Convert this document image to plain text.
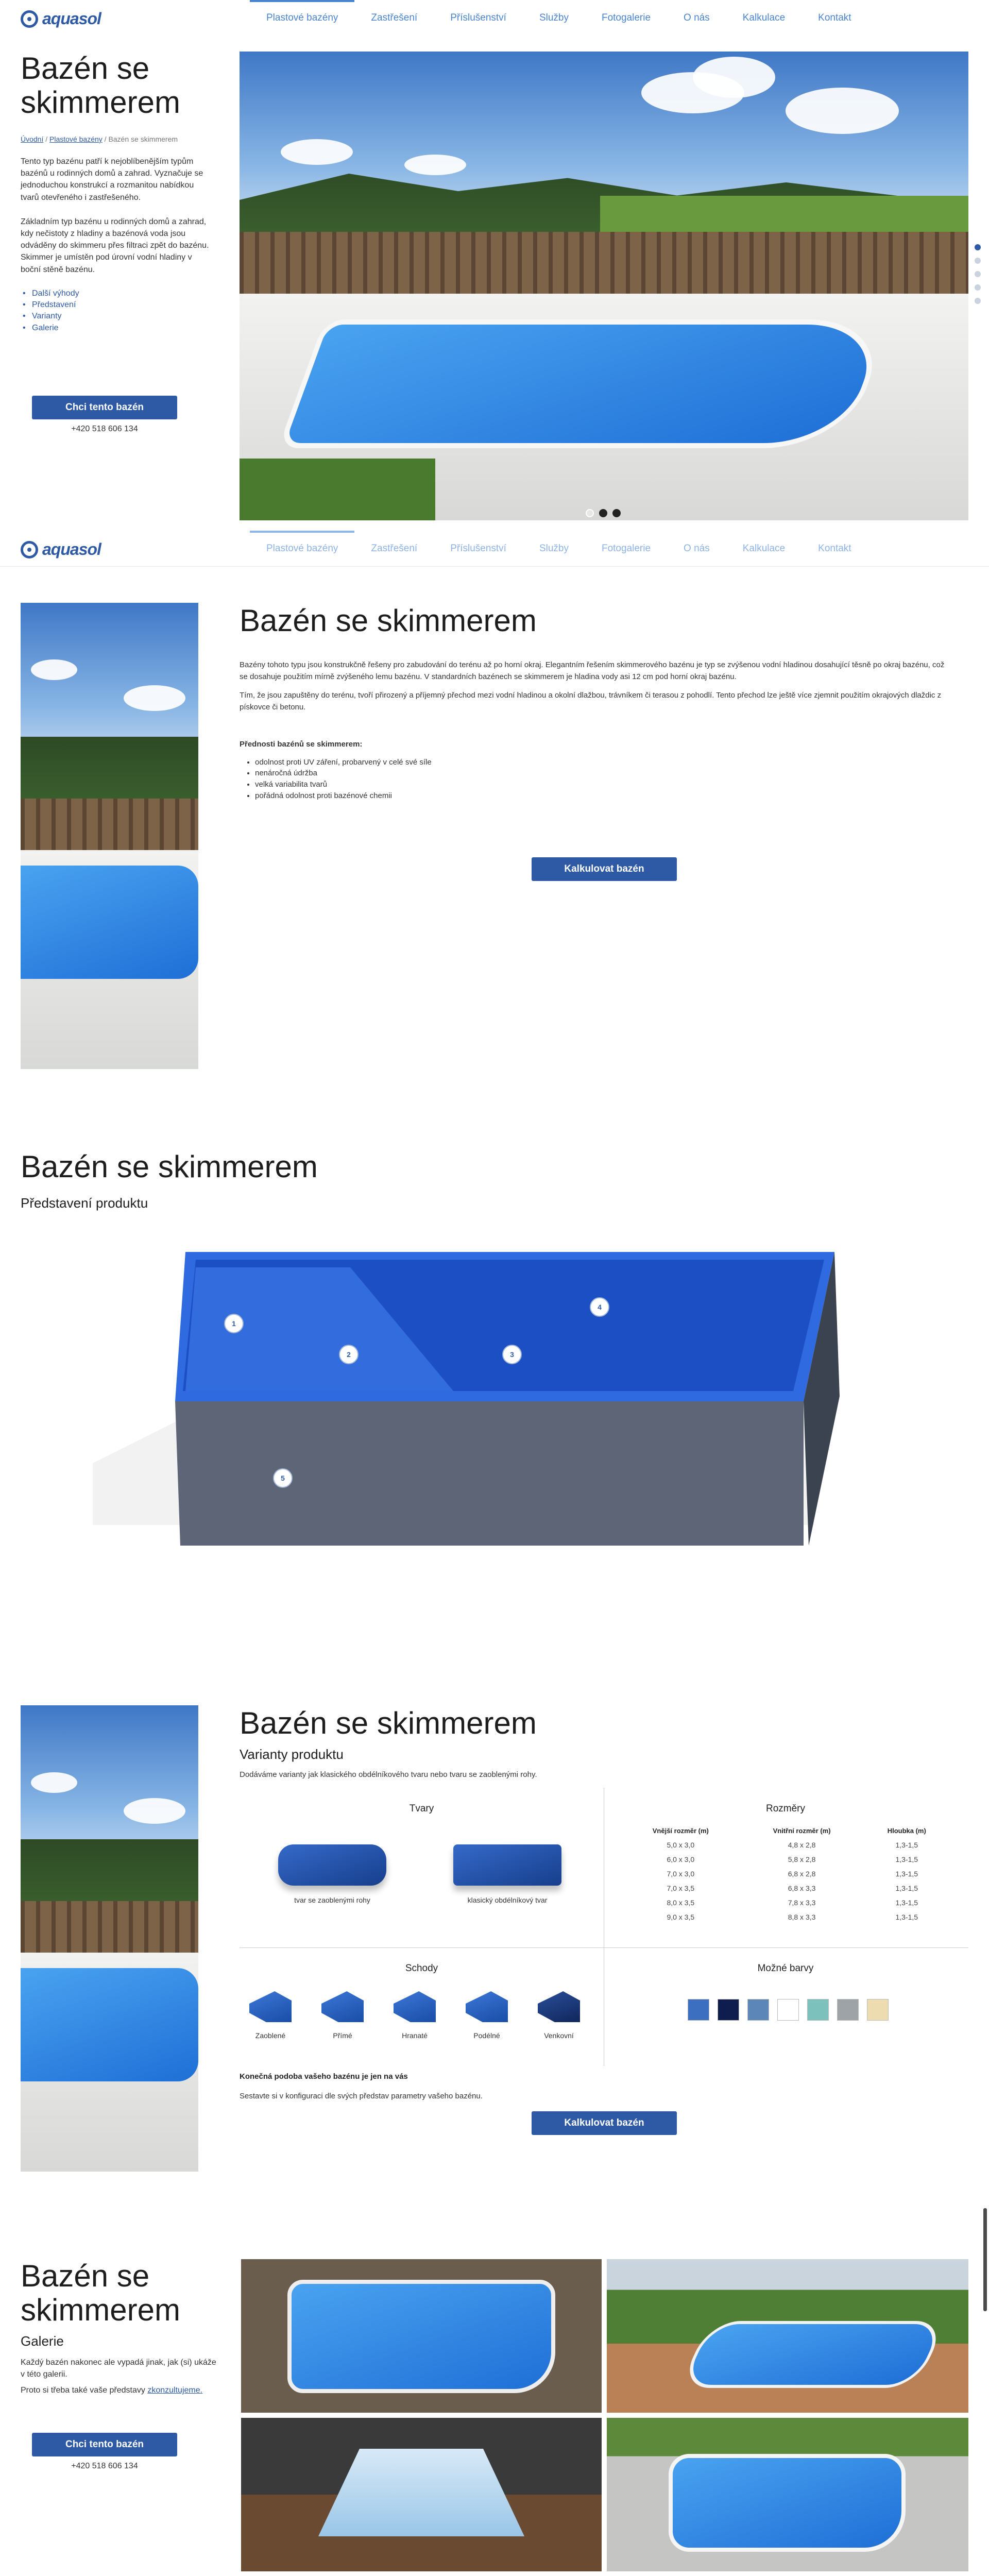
aquasol	Plastové bazény	Zastřešení	Příslušenství	Služby	Fotogalerie	O nás	Kalkulace	Kontakt
Bazén se skimmerem
Úvodní / Plastové bazény / Bazén se skimmerem

Tento typ bazénu patří k nejoblíbenějším typům bazénů u rodinných domů a zahrad. Vyznačuje se jednoduchou konstrukcí a rozmanitou nabídkou tvarů otevřeného i zastřešeného.

Základním typ bazénu u rodinných domů a zahrad, kdy nečistoty z hladiny a bazénová voda jsou odváděny do skimmeru přes filtraci zpět do bazénu. Skimmer je umístěn pod úrovní vodní hladiny v boční stěně bazénu.

• Další výhody
• Představení
• Varianty
• Galerie
Chci tento bazén
+420 518 606 134
aquasol	Plastové bazény	Zastřešení	Příslušenství	Služby	Fotogalerie	O nás	Kalkulace	Kontakt
Bazén se skimmerem

Bazény tohoto typu jsou konstrukčně řešeny pro zabudování do terénu až po horní okraj. Elegantním řešením skimmerového bazénu je typ se zvýšenou vodní hladinou dosahující těsně po okraj bazénu, což se dosahuje použitím mírně zvýšeného lemu bazénu. V standardních bazénech se skimmerem je hladina vody asi 12 cm pod horní okraj bazénu.

Tím, že jsou zapuštěny do terénu, tvoří přirozený a příjemný přechod mezi vodní hladinou a okolní dlažbou, trávníkem či terasou z pohodlí. Tento přechod lze ještě více zjemnit použitím okrajových dlaždic z pískovce či betonu.

Přednosti bazénů se skimmerem:

• odolnost proti UV záření, probarvený v celé své síle
• nenáročná údržba
• velká variabilita tvarů
• pořádná odolnost proti bazénové chemii
Kalkulovat bazén
Bazén se skimmerem
Představení produktu
1
2	3
4
5
Bazén se skimmerem
Varianty produktu
Dodáváme varianty jak klasického obdélníkového tvaru nebo tvaru se zaoblenými rohy.
Tvary
tvar se zaoblenými rohy	klasický obdélníkový tvar
Rozměry
Vnější rozměr (m)	Vnitřní rozměr (m)	Hloubka (m)
5,0 x 3,0	4,8 x 2,8	1,3-1,5
6,0 x 3,0	5,8 x 2,8	1,3-1,5
7,0 x 3,0	6,8 x 2,8	1,3-1,5
7,0 x 3,5	6,8 x 3,3	1,3-1,5
8,0 x 3,5	7,8 x 3,3	1,3-1,5
9,0 x 3,5	8,8 x 3,3	1,3-1,5
Schody
Zaoblené	Přímé	Hranaté	Podélné	Venkovní
Možné barvy
Konečná podoba vašeho bazénu je jen na vás
Sestavte si v konfiguraci dle svých představ parametry vašeho bazénu.
Kalkulovat bazén
Bazén se skimmerem
Galerie

Každý bazén nakonec ale vypadá jinak, jak (si) ukáže v této galerii.

Proto si třeba také vaše představy zkonzultujeme.

Chci tento bazén
+420 518 606 134
